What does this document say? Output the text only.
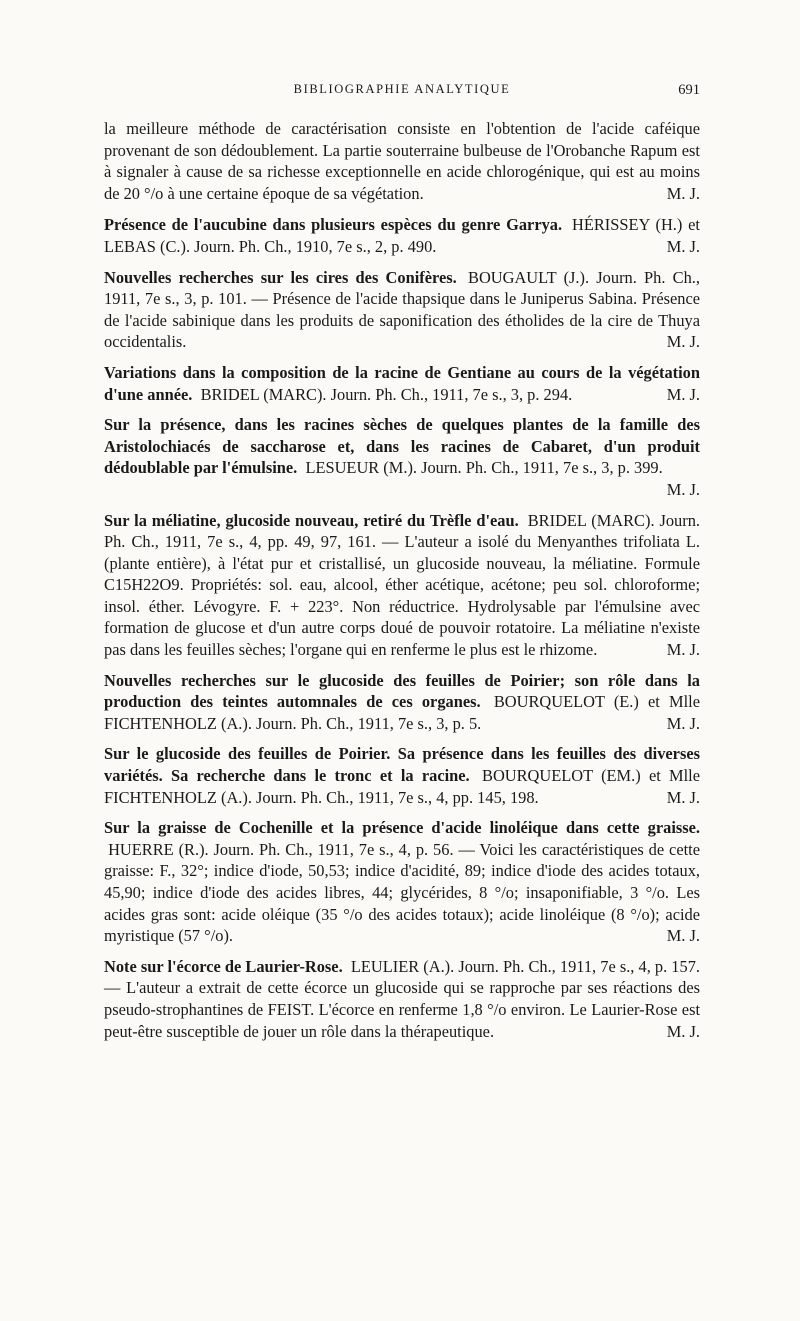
BIBLIOGRAPHIE ANALYTIQUE	691
la meilleure méthode de caractérisation consiste en l'obtention de l'acide caféique provenant de son dédoublement. La partie souterraine bulbeuse de l'Orobanche Rapum est à signaler à cause de sa richesse exceptionnelle en acide chlorogénique, qui est au moins de 20 °/o à une certaine époque de sa végétation.	M. J.
Présence de l'aucubine dans plusieurs espèces du genre Garrya. HÉRISSEY (H.) et LEBAS (C.). Journ. Ph. Ch., 1910, 7e s., 2, p. 490.	M. J.
Nouvelles recherches sur les cires des Conifères. BOUGAULT (J.). Journ. Ph. Ch., 1911, 7e s., 3, p. 101. — Présence de l'acide thapsique dans le Juniperus Sabina. Présence de l'acide sabinique dans les produits de saponification des étholides de la cire de Thuya occidentalis.	M. J.
Variations dans la composition de la racine de Gentiane au cours de la végétation d'une année. BRIDEL (MARC). Journ. Ph. Ch., 1911, 7e s., 3, p. 294.	M. J.
Sur la présence, dans les racines sèches de quelques plantes de la famille des Aristolochiacés de saccharose et, dans les racines de Cabaret, d'un produit dédoublable par l'émulsine. LESUEUR (M.). Journ. Ph. Ch., 1911, 7e s., 3, p. 399.
M. J.
Sur la méliatine, glucoside nouveau, retiré du Trèfle d'eau. BRIDEL (MARC). Journ. Ph. Ch., 1911, 7e s., 4, pp. 49, 97, 161. — L'auteur a isolé du Menyanthes trifoliata L. (plante entière), à l'état pur et cristallisé, un glucoside nouveau, la méliatine. Formule C15H22O9. Propriétés: sol. eau, alcool, éther acétique, acétone; peu sol. chloroforme; insol. éther. Lévogyre. F. + 223°. Non réductrice. Hydrolysable par l'émulsine avec formation de glucose et d'un autre corps doué de pouvoir rotatoire. La méliatine n'existe pas dans les feuilles sèches; l'organe qui en renferme le plus est le rhizome.	M. J.
Nouvelles recherches sur le glucoside des feuilles de Poirier; son rôle dans la production des teintes automnales de ces organes. BOURQUELOT (E.) et Mlle FICHTENHOLZ (A.). Journ. Ph. Ch., 1911, 7e s., 3, p. 5.	M. J.
Sur le glucoside des feuilles de Poirier. Sa présence dans les feuilles des diverses variétés. Sa recherche dans le tronc et la racine. BOURQUELOT (EM.) et Mlle FICHTENHOLZ (A.). Journ. Ph. Ch., 1911, 7e s., 4, pp. 145, 198.	M. J.
Sur la graisse de Cochenille et la présence d'acide linoléique dans cette graisse. HUERRE (R.). Journ. Ph. Ch., 1911, 7e s., 4, p. 56. — Voici les caractéristiques de cette graisse: F., 32°; indice d'iode, 50,53; indice d'acidité, 89; indice d'iode des acides totaux, 45,90; indice d'iode des acides libres, 44; glycérides, 8 °/o; insaponifiable, 3 °/o. Les acides gras sont: acide oléique (35 °/o des acides totaux); acide linoléique (8 °/o); acide myristique (57 °/o).	M. J.
Note sur l'écorce de Laurier-Rose. LEULIER (A.). Journ. Ph. Ch., 1911, 7e s., 4, p. 157. — L'auteur a extrait de cette écorce un glucoside qui se rapproche par ses réactions des pseudo-strophantines de FEIST. L'écorce en renferme 1,8 °/o environ. Le Laurier-Rose est peut-être susceptible de jouer un rôle dans la thérapeutique.	M. J.
